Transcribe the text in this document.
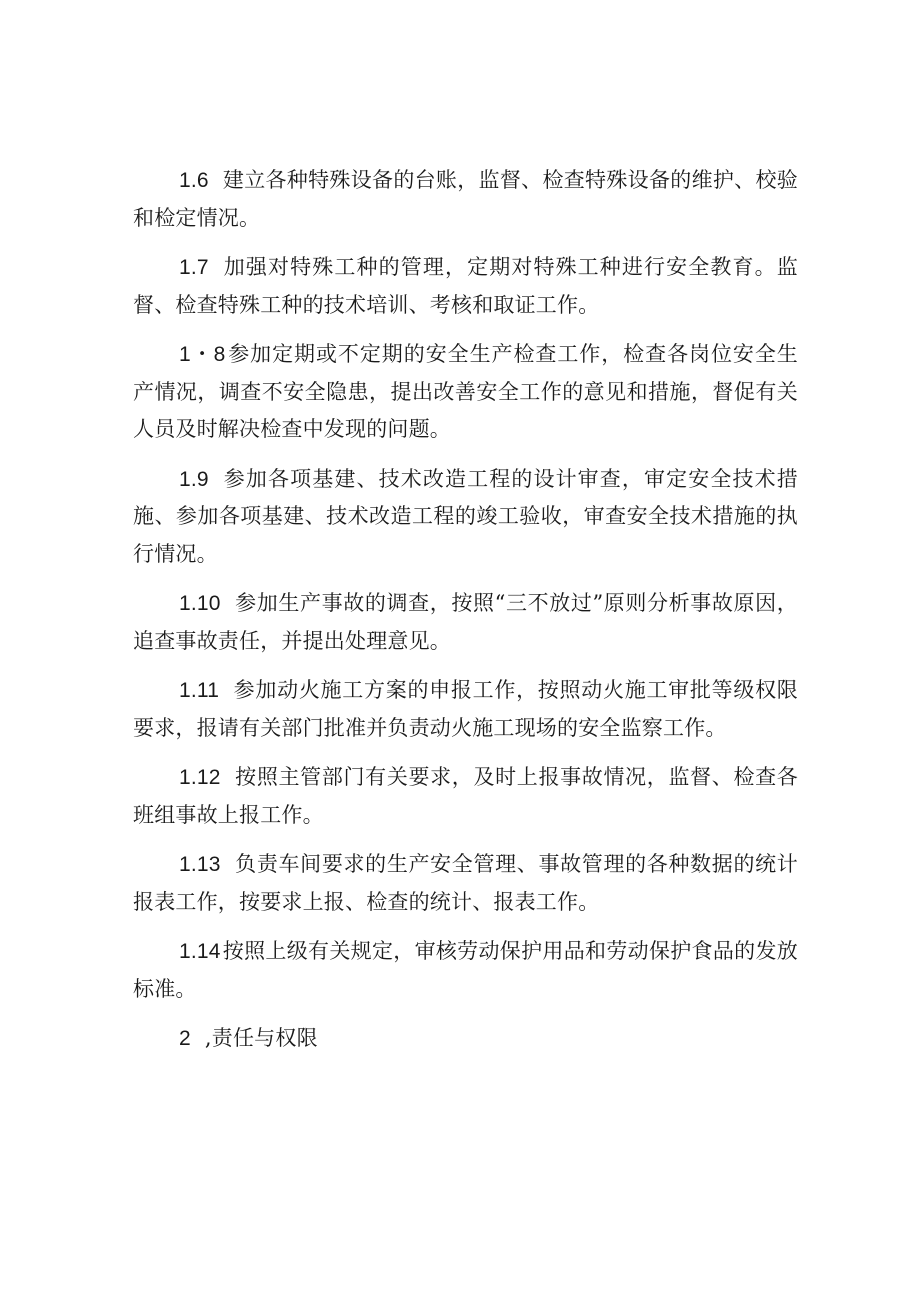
1.6 建立各种特殊设备的台账，监督、检查特殊设备的维护、校验和检定情况。

1.7 加强对特殊工种的管理，定期对特殊工种进行安全教育。监督、检查特殊工种的技术培训、考核和取证工作。

1・8参加定期或不定期的安全生产检查工作，检查各岗位安全生产情况，调查不安全隐患，提出改善安全工作的意见和措施，督促有关人员及时解决检查中发现的问题。

1.9 参加各项基建、技术改造工程的设计审查，审定安全技术措施、参加各项基建、技术改造工程的竣工验收，审查安全技术措施的执行情况。

1.10 参加生产事故的调查，按照“三不放过”原则分析事故原因，追查事故责任，并提出处理意见。

1.11 参加动火施工方案的申报工作，按照动火施工审批等级权限要求，报请有关部门批准并负责动火施工现场的安全监察工作。

1.12 按照主管部门有关要求，及时上报事故情况，监督、检查各班组事故上报工作。

1.13 负责车间要求的生产安全管理、事故管理的各种数据的统计报表工作，按要求上报、检查的统计、报表工作。

1.14按照上级有关规定，审核劳动保护用品和劳动保护食品的发放标准。

2 ,责任与权限
